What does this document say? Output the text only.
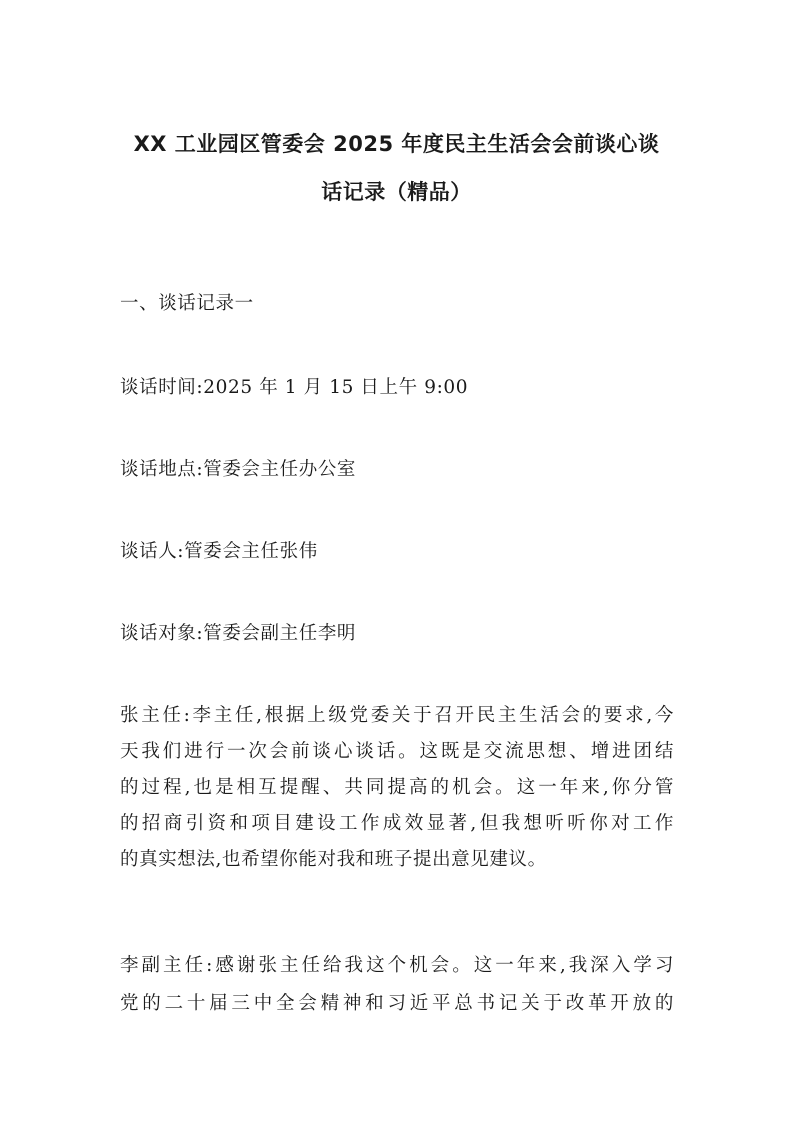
XX 工业园区管委会 2025 年度民主生活会会前谈心谈
话记录（精品）
一、谈话记录一
谈话时间:2025 年 1 月 15 日上午 9:00
谈话地点:管委会主任办公室
谈话人:管委会主任张伟
谈话对象:管委会副主任李明
张主任:李主任,根据上级党委关于召开民主生活会的要求,今
天我们进行一次会前谈心谈话。这既是交流思想、增进团结
的过程,也是相互提醒、共同提高的机会。这一年来,你分管
的招商引资和项目建设工作成效显著,但我想听听你对工作
的真实想法,也希望你能对我和班子提出意见建议。
李副主任:感谢张主任给我这个机会。这一年来,我深入学习
党的二十届三中全会精神和习近平总书记关于改革开放的
